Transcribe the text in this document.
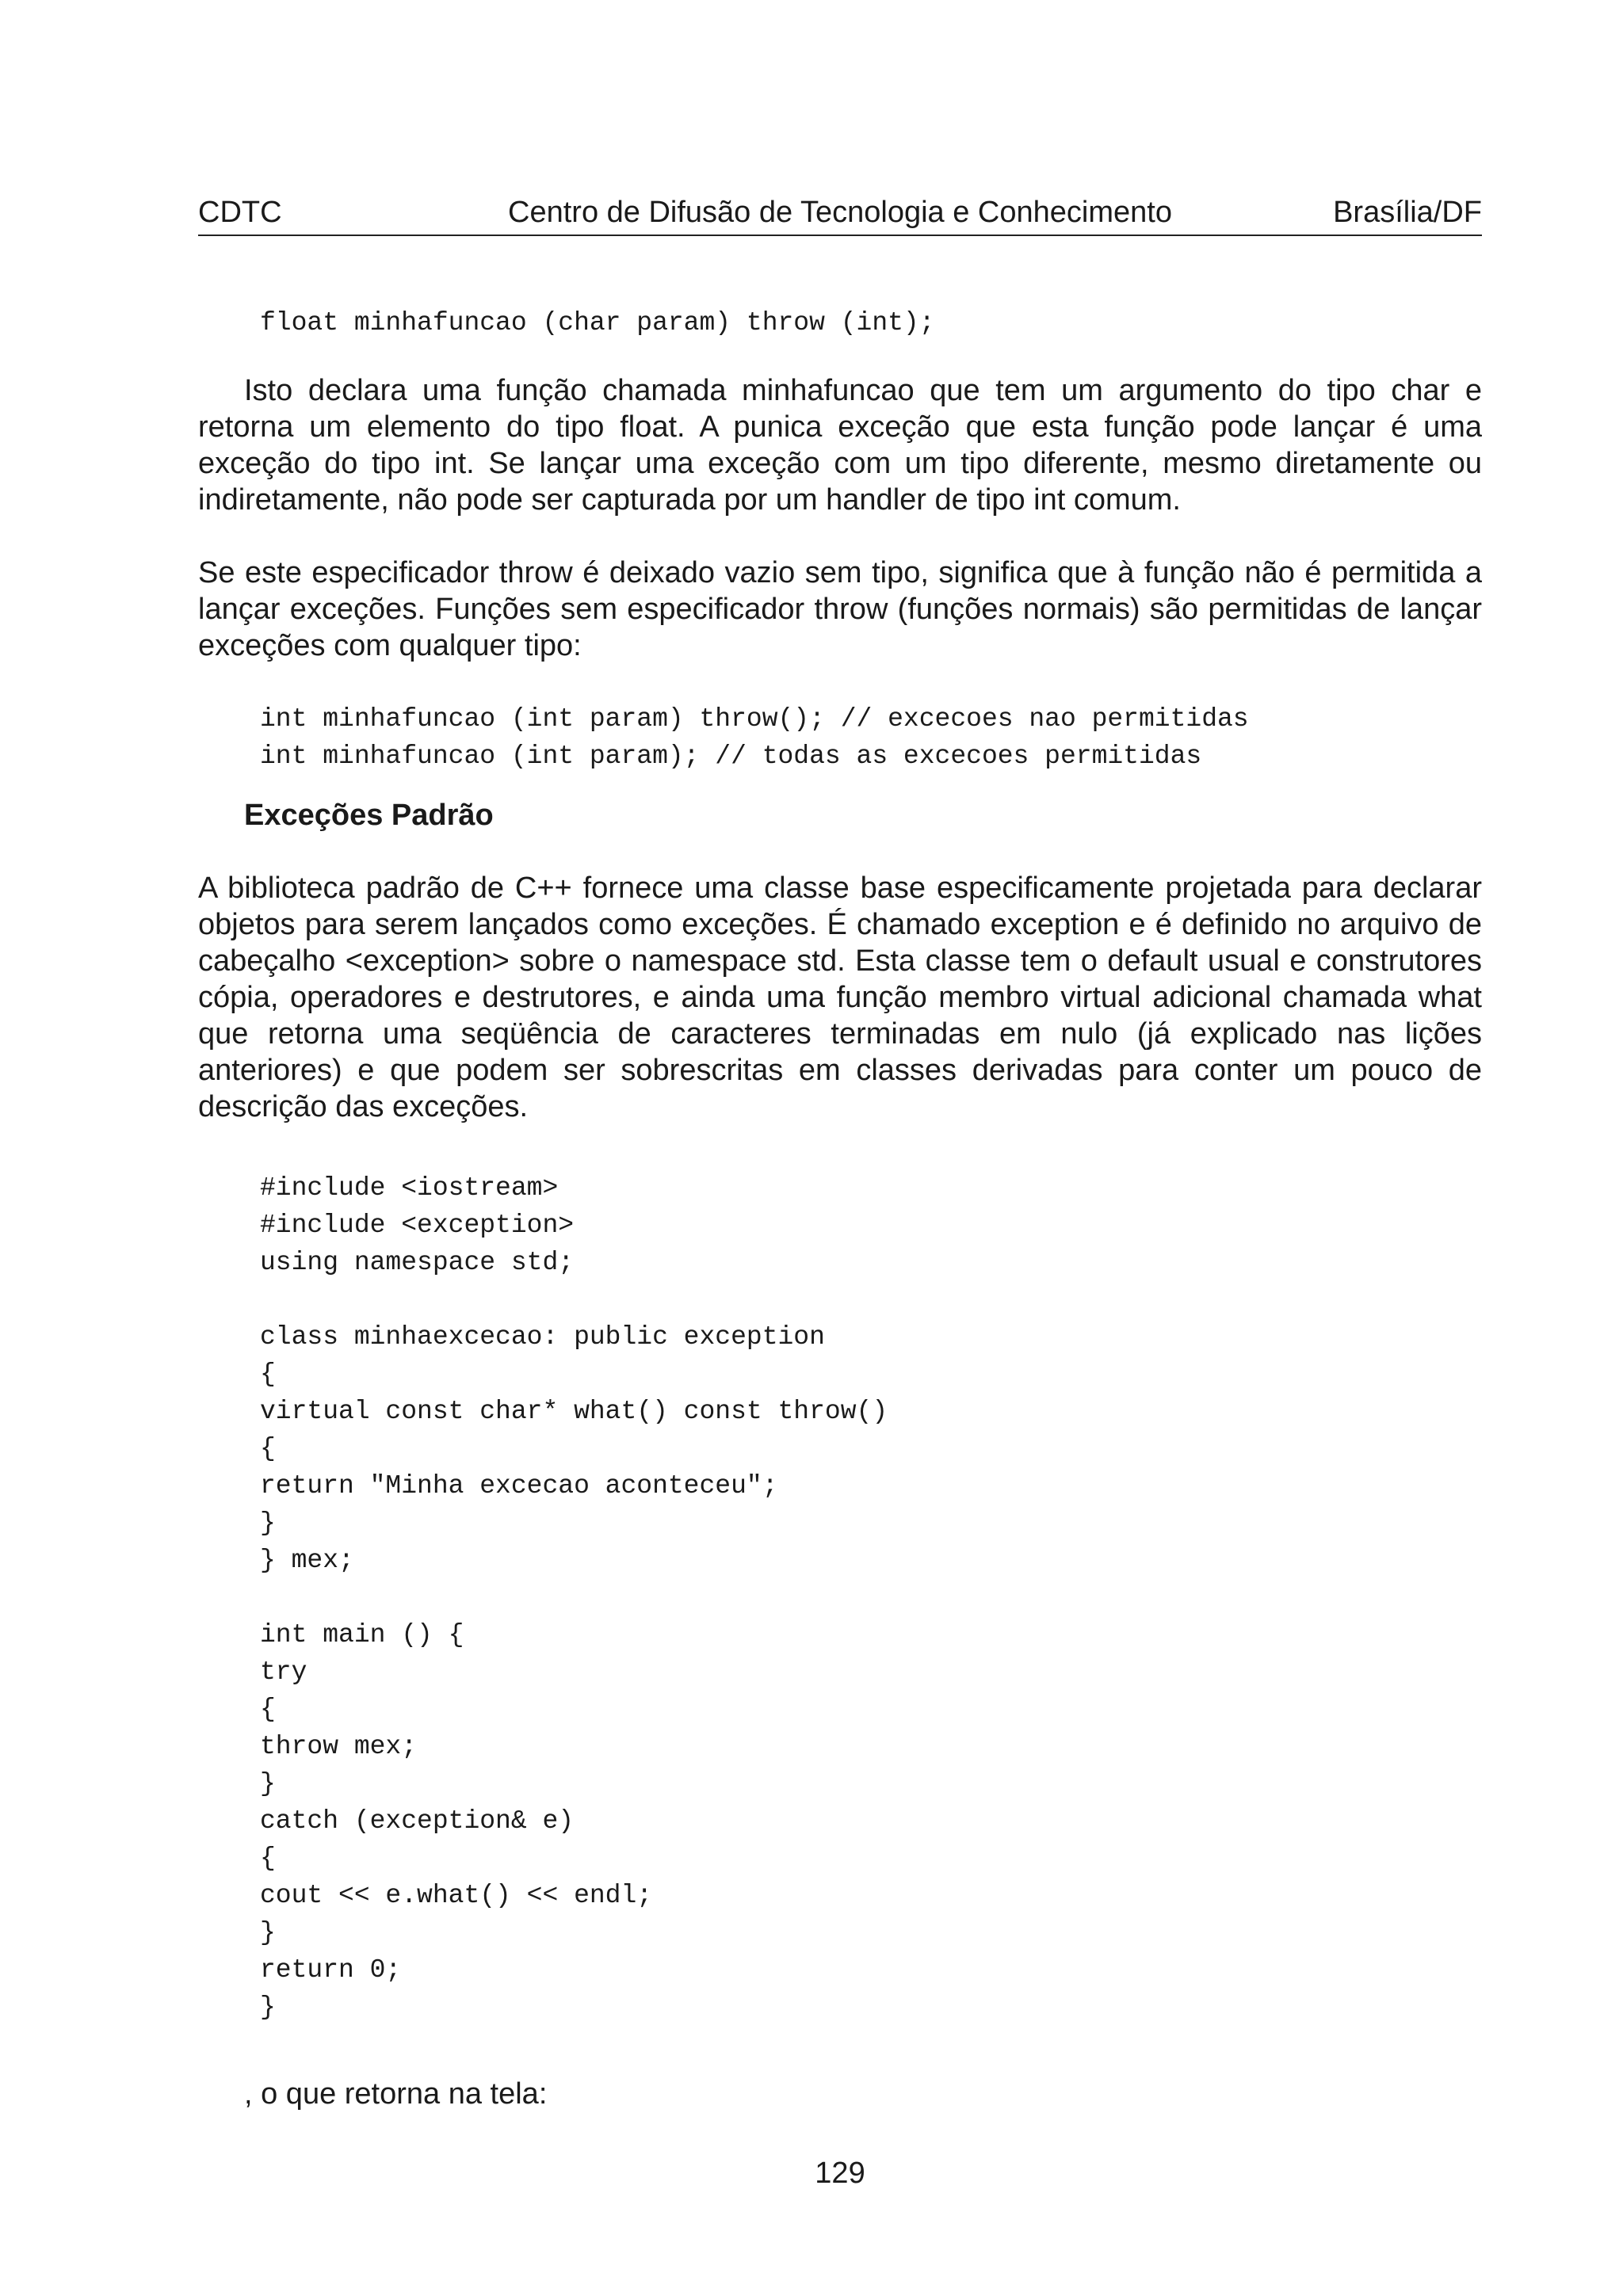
CDTC	Centro de Difusão de Tecnologia e Conhecimento	Brasília/DF
float minhafuncao (char param) throw (int);

Isto declara uma função chamada minhafuncao que tem um argumento do tipo char e retorna um elemento do tipo float. A punica exceção que esta função pode lançar é uma exceção do tipo int. Se lançar uma exceção com um tipo diferente, mesmo diretamente ou indiretamente, não pode ser capturada por um handler de tipo int comum.

Se este especificador throw é deixado vazio sem tipo, significa que à função não é permitida a lançar exceções. Funções sem especificador throw (funções normais) são permitidas de lançar exceções com qualquer tipo:

int minhafuncao (int param) throw(); // excecoes nao permitidas
int minhafuncao (int param); // todas as excecoes permitidas
Exceções Padrão

A biblioteca padrão de C++ fornece uma classe base especificamente projetada para declarar objetos para serem lançados como exceções. É chamado exception e é definido no arquivo de cabeçalho <exception> sobre o namespace std. Esta classe tem o default usual e construtores cópia, operadores e destrutores, e ainda uma função membro virtual adicional chamada what que retorna uma seqüência de caracteres terminadas em nulo (já explicado nas lições anteriores) e que podem ser sobrescritas em classes derivadas para conter um pouco de descrição das exceções.

#include <iostream>
#include <exception>
using namespace std;

class minhaexcecao: public exception
{
virtual const char* what() const throw()
{
return "Minha excecao aconteceu";
}
} mex;

int main () {
try
{
throw mex;
}
catch (exception& e)
{
cout << e.what() << endl;
}
return 0;
}
, o que retorna na tela:
129
